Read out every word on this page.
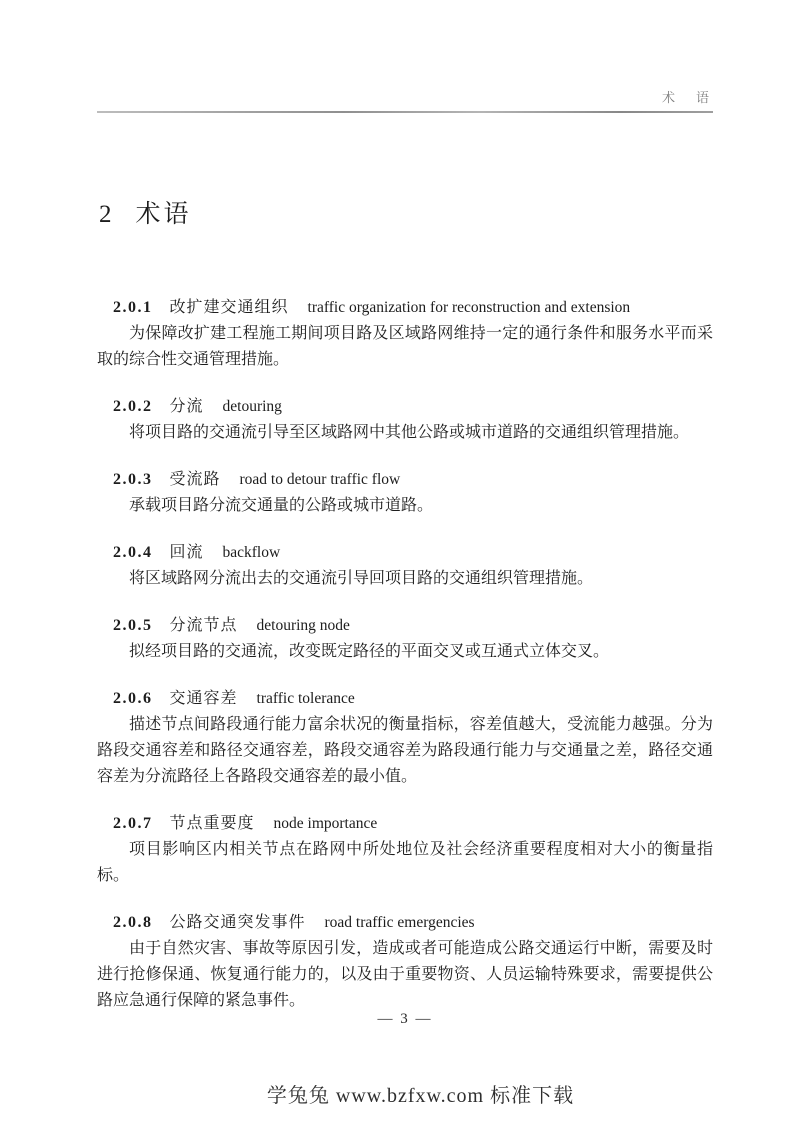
术　语
2 术语

2.0.1 改扩建交通组织 traffic organization for reconstruction and extension

为保障改扩建工程施工期间项目路及区域路网维持一定的通行条件和服务水平而采取的综合性交通管理措施。

2.0.2 分流 detouring

将项目路的交通流引导至区域路网中其他公路或城市道路的交通组织管理措施。

2.0.3 受流路 road to detour traffic flow

承载项目路分流交通量的公路或城市道路。

2.0.4 回流 backflow

将区域路网分流出去的交通流引导回项目路的交通组织管理措施。

2.0.5 分流节点 detouring node

拟经项目路的交通流，改变既定路径的平面交叉或互通式立体交叉。

2.0.6 交通容差 traffic tolerance

描述节点间路段通行能力富余状况的衡量指标，容差值越大，受流能力越强。分为路段交通容差和路径交通容差，路段交通容差为路段通行能力与交通量之差，路径交通容差为分流路径上各路段交通容差的最小值。

2.0.7 节点重要度 node importance

项目影响区内相关节点在路网中所处地位及社会经济重要程度相对大小的衡量指标。

2.0.8 公路交通突发事件 road traffic emergencies

由于自然灾害、事故等原因引发，造成或者可能造成公路交通运行中断，需要及时进行抢修保通、恢复通行能力的，以及由于重要物资、人员运输特殊要求，需要提供公路应急通行保障的紧急事件。

— 3 —
学兔兔 www.bzfxw.com 标准下载
